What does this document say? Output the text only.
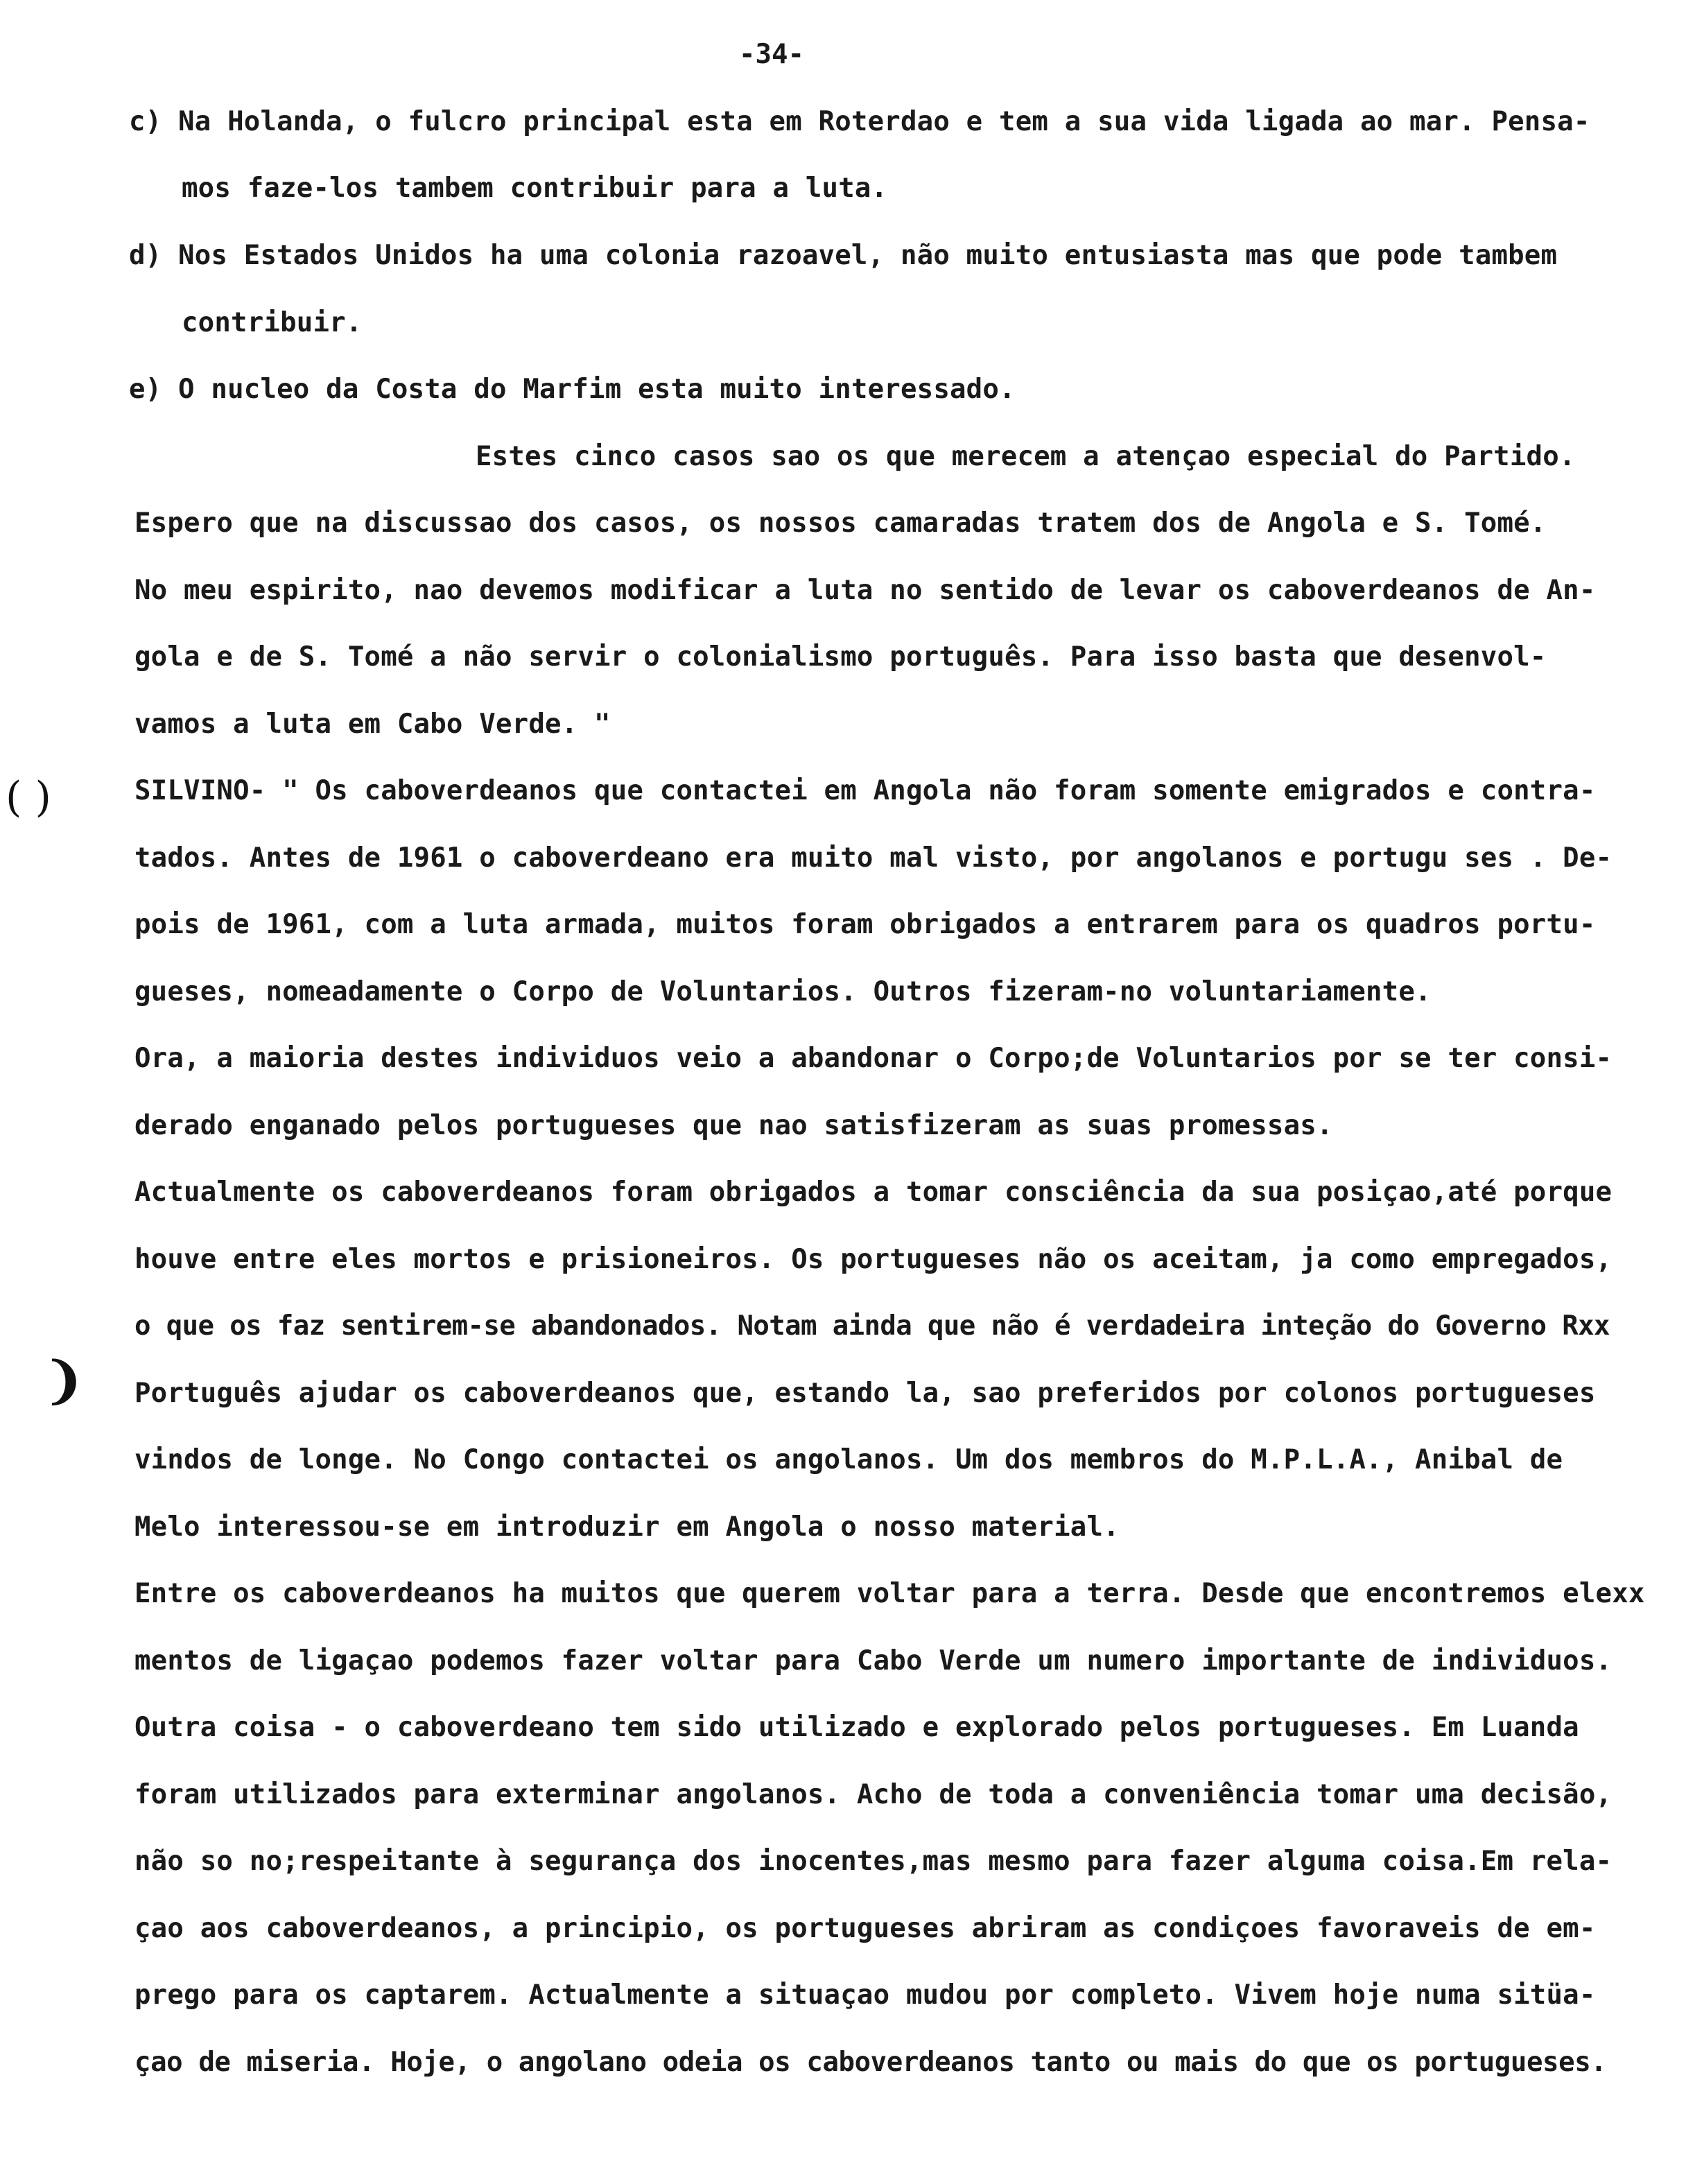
-34-
( )
❩
c) Na Holanda, o fulcro principal esta em Roterdao e tem a sua vida ligada ao mar. Pensa-
mos faze-los tambem contribuir para a luta.
d) Nos Estados Unidos ha uma colonia razoavel, não muito entusiasta mas que pode tambem
contribuir.
e) O nucleo da Costa do Marfim esta muito interessado.
Estes cinco casos sao os que merecem a atençao especial do Partido.
Espero que na discussao dos casos, os nossos camaradas tratem dos de Angola e S. Tomé.
No meu espirito, nao devemos modificar a luta no sentido de levar os caboverdeanos de An-
gola e de S. Tomé a não servir o colonialismo português. Para isso basta que desenvol-
vamos a luta em Cabo Verde. "
SILVINO- " Os caboverdeanos que contactei em Angola não foram somente emigrados e contra-
tados. Antes de 1961 o caboverdeano era muito mal visto, por angolanos e portugu ses . De-
pois de 1961, com a luta armada, muitos foram obrigados a entrarem para os quadros portu-
gueses, nomeadamente o Corpo de Voluntarios. Outros fizeram-no voluntariamente.
Ora, a maioria destes individuos veio a abandonar o Corpo;de Voluntarios por se ter consi-
derado enganado pelos portugueses que nao satisfizeram as suas promessas.
Actualmente os caboverdeanos foram obrigados a tomar consciência da sua posiçao,até porque
houve entre eles mortos e prisioneiros. Os portugueses não os aceitam, ja como empregados,
o que os faz sentirem-se abandonados. Notam ainda que não é verdadeira inteção do Governo Rxx
Português ajudar os caboverdeanos que, estando la, sao preferidos por colonos portugueses
vindos de longe. No Congo contactei os angolanos. Um dos membros do M.P.L.A., Anibal de
Melo interessou-se em introduzir em Angola o nosso material.
Entre os caboverdeanos ha muitos que querem voltar para a terra. Desde que encontremos elexx
mentos de ligaçao podemos fazer voltar para Cabo Verde um numero importante de individuos.
Outra coisa - o caboverdeano tem sido utilizado e explorado pelos portugueses. Em Luanda
foram utilizados para exterminar angolanos. Acho de toda a conveniência tomar uma decisão,
não so no;respeitante à segurança dos inocentes,mas mesmo para fazer alguma coisa.Em rela-
çao aos caboverdeanos, a principio, os portugueses abriram as condiçoes favoraveis de em-
prego para os captarem. Actualmente a situaçao mudou por completo. Vivem hoje numa sitüa-
çao de miseria. Hoje, o angolano odeia os caboverdeanos tanto ou mais do que os portugueses.
